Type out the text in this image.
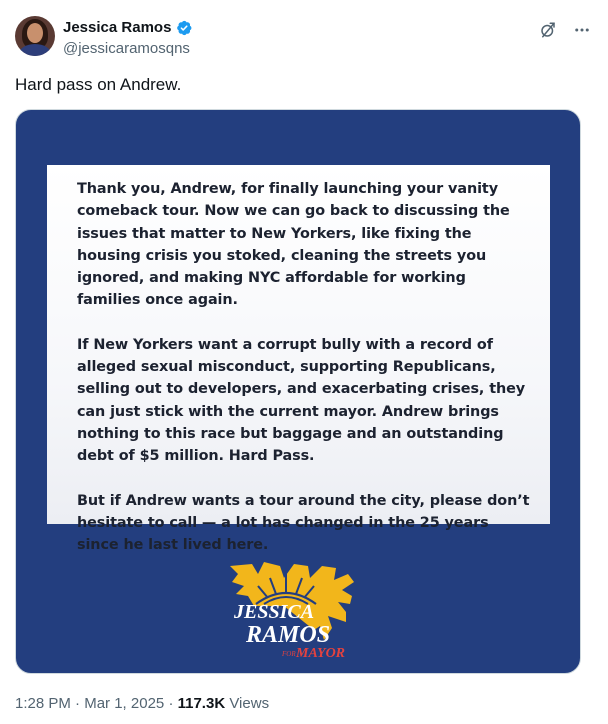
Jessica Ramos
@jessicaramosqns
Hard pass on Andrew.

Thank you, Andrew, for finally launching your vanity comeback tour. Now we can go back to discussing the issues that matter to New Yorkers, like fixing the housing crisis you stoked, cleaning the streets you ignored, and making NYC affordable for working families once again.

If New Yorkers want a corrupt bully with a record of alleged sexual misconduct, supporting Republicans, selling out to developers, and exacerbating crises, they can just stick with the current mayor. Andrew brings nothing to this race but baggage and an outstanding debt of $5 million. Hard Pass.

But if Andrew wants a tour around the city, please don’t hesitate to call — a lot has changed in the 25 years since he last lived here.

JESSICA
RAMOS
FOR MAYOR
1:28 PM · Mar 1, 2025 · 117.3K Views
